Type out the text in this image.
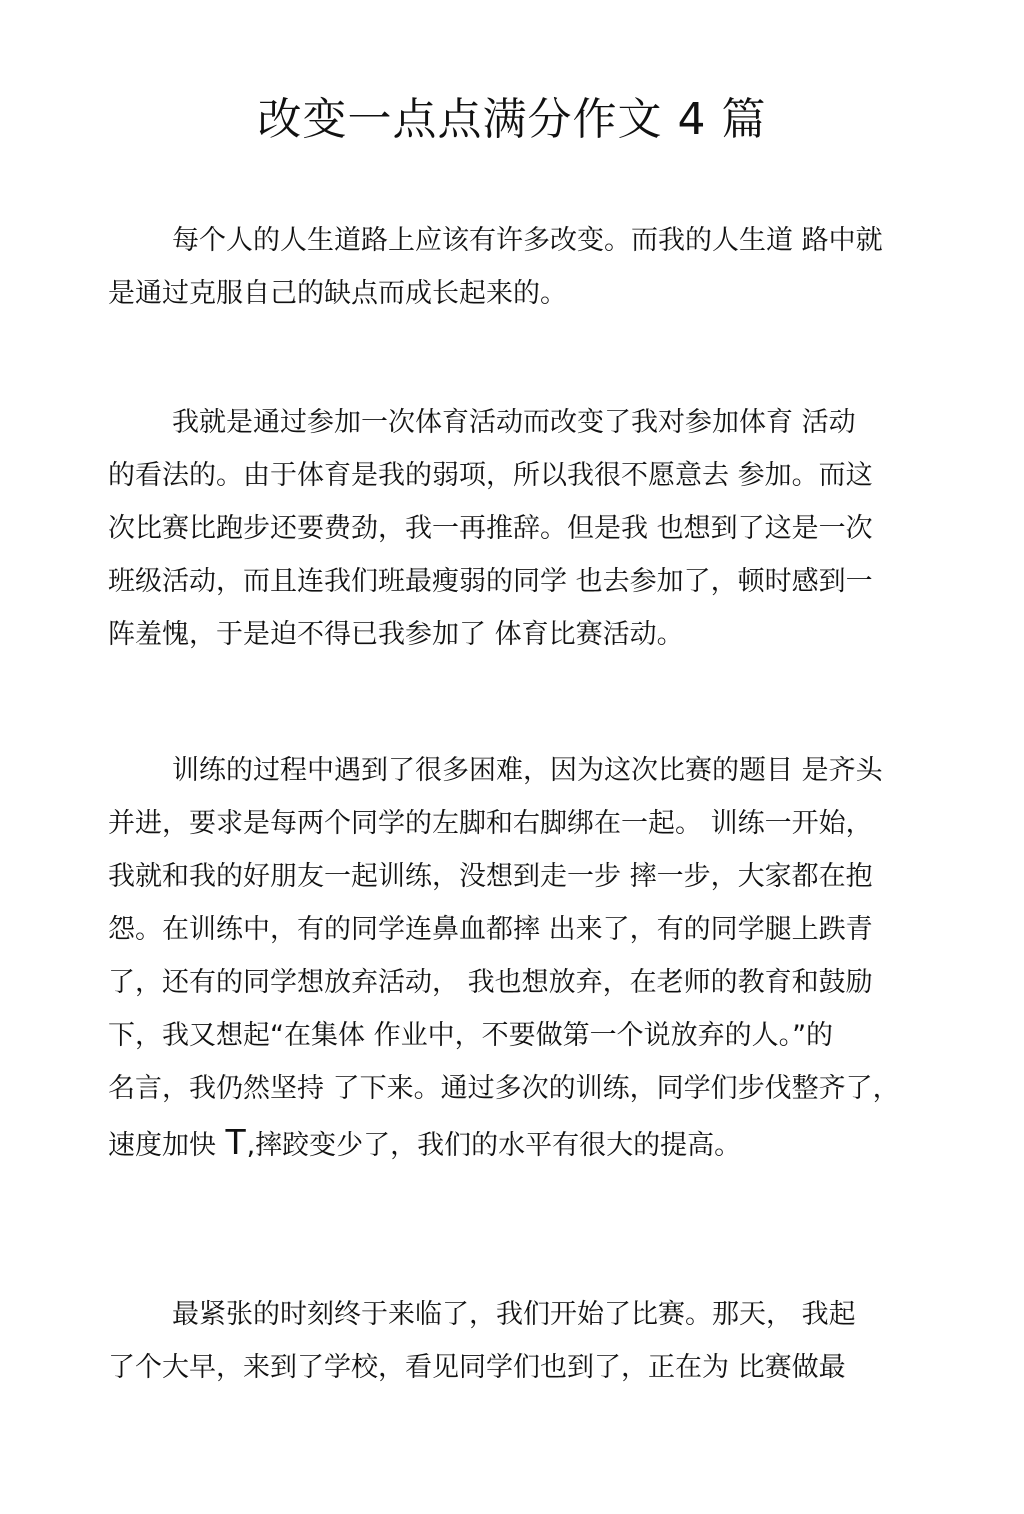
改变一点点满分作文 4 篇
每个人的人生道路上应该有许多改变。而我的人生道 路中就
是通过克服自己的缺点而成长起来的。
我就是通过参加一次体育活动而改变了我对参加体育 活动
的看法的。由于体育是我的弱项，所以我很不愿意去 参加。而这
次比赛比跑步还要费劲，我一再推辞。但是我 也想到了这是一次
班级活动，而且连我们班最瘦弱的同学 也去参加了，顿时感到一
阵羞愧，于是迫不得已我参加了 体育比赛活动。
训练的过程中遇到了很多困难，因为这次比赛的题目 是齐头
并进，要求是每两个同学的左脚和右脚绑在一起。 训练一开始，
我就和我的好朋友一起训练，没想到走一步 摔一步，大家都在抱
怨。在训练中，有的同学连鼻血都摔 出来了，有的同学腿上跌青
了，还有的同学想放弃活动， 我也想放弃，在老师的教育和鼓励
下，我又想起“在集体 作业中，不要做第一个说放弃的人。”的
名言，我仍然坚持 了下来。通过多次的训练，同学们步伐整齐了，
速度加快 T,摔跤变少了，我们的水平有很大的提高。
最紧张的时刻终于来临了，我们开始了比赛。那天， 我起
了个大早，来到了学校，看见同学们也到了，正在为 比赛做最
